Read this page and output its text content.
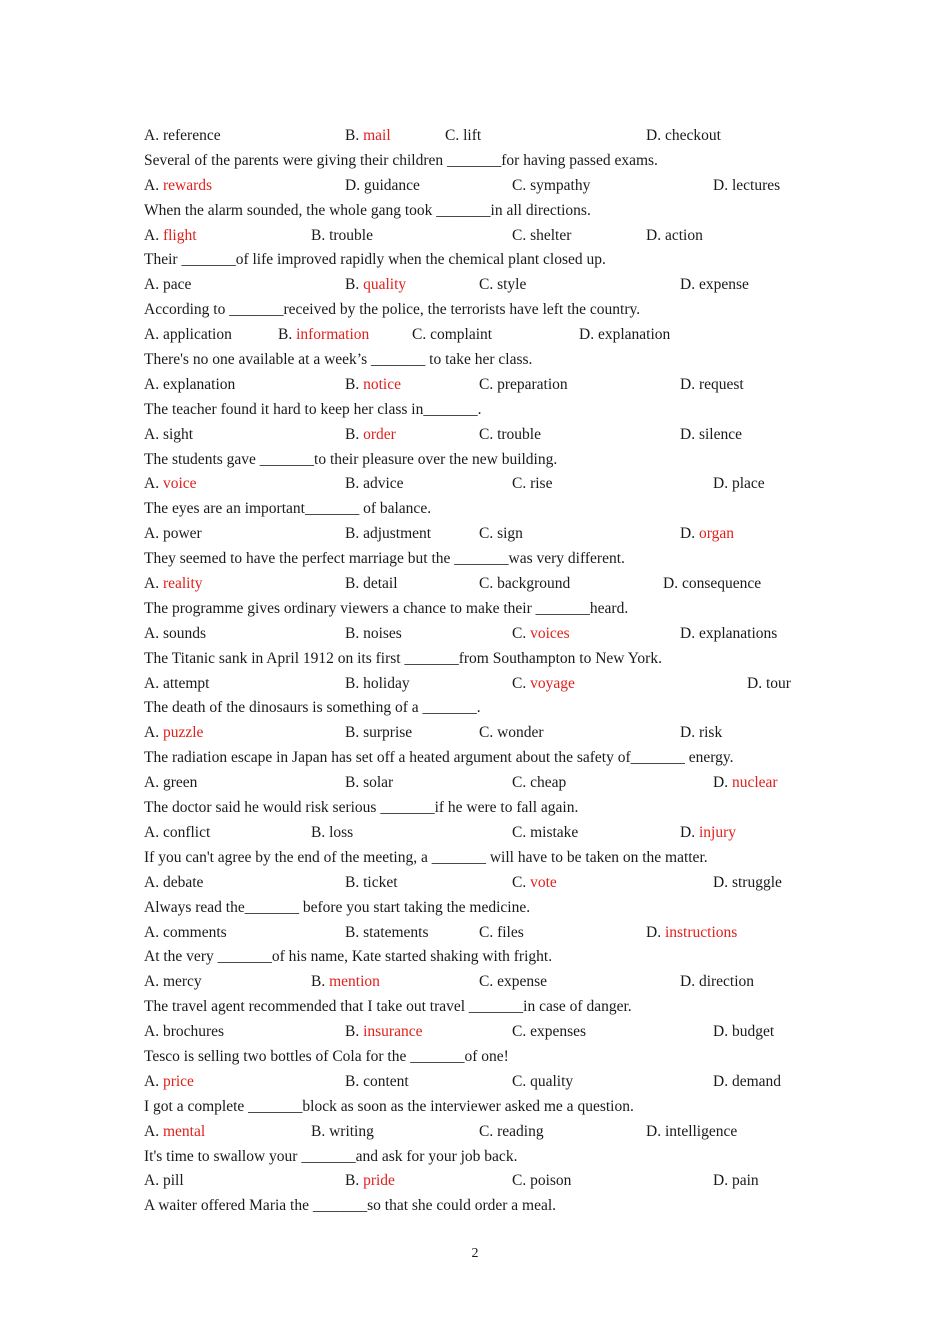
A. reference	B. mail	C. lift	D. checkout
Several of the parents were giving their children _______for having passed exams.
A. rewards	D. guidance	C. sympathy	D. lectures
When the alarm sounded, the whole gang took _______in all directions.
A. flight	B. trouble	C. shelter	D. action
Their _______of life improved rapidly when the chemical plant closed up.
A. pace	B. quality	C. style	D. expense
According to _______received by the police, the terrorists have left the country.
A. application	B. information	C. complaint	D. explanation
There's no one available at a week’s _______ to take her class.
A. explanation	B. notice	C. preparation	D. request
The teacher found it hard to keep her class in_______.
A. sight	B. order	C. trouble	D. silence
The students gave _______to their pleasure over the new building.
A. voice	B. advice	C. rise	D. place
The eyes are an important_______ of balance.
A. power	B. adjustment	C. sign	D. organ
They seemed to have the perfect marriage but the _______was very different.
A. reality	B. detail	C. background	D. consequence
The programme gives ordinary viewers a chance to make their _______heard.
A. sounds	B. noises	C. voices	D. explanations
The Titanic sank in April 1912 on its first _______from Southampton to New York.
A. attempt	B. holiday	C. voyage	D. tour
The death of the dinosaurs is something of a _______.
A. puzzle	B. surprise	C. wonder	D. risk
The radiation escape in Japan has set off a heated argument about the safety of_______ energy.
A. green	B. solar	C. cheap	D. nuclear
The doctor said he would risk serious _______if he were to fall again.
A. conflict	B. loss	C. mistake	D. injury
If you can't agree by the end of the meeting, a _______ will have to be taken on the matter.
A. debate	B. ticket	C. vote	D. struggle
Always read the_______ before you start taking the medicine.
A. comments	B. statements	C. files	D. instructions
At the very _______of his name, Kate started shaking with fright.
A. mercy	B. mention	C. expense	D. direction
The travel agent recommended that I take out travel _______in case of danger.
A. brochures	B. insurance	C. expenses	D. budget
Tesco is selling two bottles of Cola for the _______of one!
A. price	B. content	C. quality	D. demand
I got a complete _______block as soon as the interviewer asked me a question.
A. mental	B. writing	C. reading	D. intelligence
It's time to swallow your _______and ask for your job back.
A. pill	B. pride	C. poison	D. pain
A waiter offered Maria the _______so that she could order a meal.
2
